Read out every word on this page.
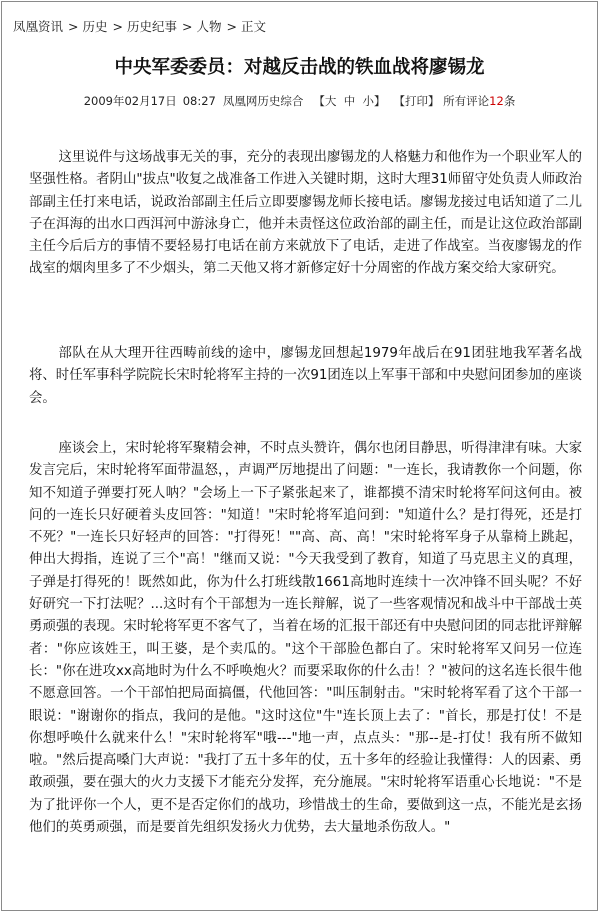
凤凰资讯 > 历史 > 历史纪事 > 人物 > 正文
中央军委委员：对越反击战的铁血战将廖锡龙
2009年02月17日 08:27 凤凰网历史综合 【大 中 小】 【打印】 所有评论12条

这里说件与这场战事无关的事，充分的表现出廖锡龙的人格魅力和他作为一个职业军人的坚强性格。者阴山"拔点"收复之战准备工作进入关键时期，这时大理31师留守处负责人师政治部副主任打来电话，说政治部副主任后立即要廖锡龙师长接电话。廖锡龙接过电话知道了二儿子在洱海的出水口西洱河中游泳身亡，他并未责怪这位政治部的副主任，而是让这位政治部副主任今后后方的事情不要轻易打电话在前方来就放下了电话，走进了作战室。当夜廖锡龙的作战室的烟肉里多了不少烟头，第二天他又将才新修定好十分周密的作战方案交给大家研究。

部队在从大理开往西畴前线的途中，廖锡龙回想起1979年战后在91团驻地我军著名战将、时任军事科学院院长宋时轮将军主持的一次91团连以上军事干部和中央慰问团参加的座谈会。

座谈会上，宋时轮将军聚精会神，不时点头赞许，偶尔也闭目静思，听得津津有味。大家发言完后，宋时轮将军面带温怒，，声调严厉地提出了问题："一连长，我请教你一个问题，你知不知道子弹要打死人呐？"会场上一下子紧张起来了，谁都摸不清宋时轮将军问这何由。被问的一连长只好硬着头皮回答："知道！"宋时轮将军追问到："知道什么？是打得死，还是打不死？"一连长只好轻声的回答："打得死！""高、高、高！"宋时轮将军身子从靠椅上跳起，伸出大拇指，连说了三个"高！"继而又说："今天我受到了教育，知道了马克思主义的真理，子弹是打得死的！既然如此，你为什么打班线散1661高地时连续十一次冲锋不回头呢？不好好研究一下打法呢？...这时有个干部想为一连长辩解，说了一些客观情况和战斗中干部战士英勇顽强的表现。宋时轮将军更不客气了，当着在场的汇报干部还有中央慰问团的同志批评辩解者："你应该姓王，叫王婆，是个卖瓜的。"这个干部脸色都白了。宋时轮将军又问另一位连长："你在进攻xx高地时为什么不呼唤炮火？而要采取你的什么击！？"被问的这名连长很牛他不愿意回答。一个干部怕把局面搞僵，代他回答："叫压制射击。"宋时轮将军看了这个干部一眼说："谢谢你的指点，我问的是他。"这时这位"牛"连长顶上去了："首长，那是打仗！不是你想呼唤什么就来什么！"宋时轮将军"哦---"地一声，点点头："那--是-打仗！我有所不做知啦。"然后提高嗓门大声说："我打了五十多年的仗，五十多年的经验让我懂得：人的因素、勇敢顽强，要在强大的火力支援下才能充分发挥，充分施展。"宋时轮将军语重心长地说："不是为了批评你一个人，更不是否定你们的战功，珍惜战士的生命，要做到这一点，不能光是玄扬他们的英勇顽强，而是要首先组织发扬火力优势，去大量地杀伤敌人。"
